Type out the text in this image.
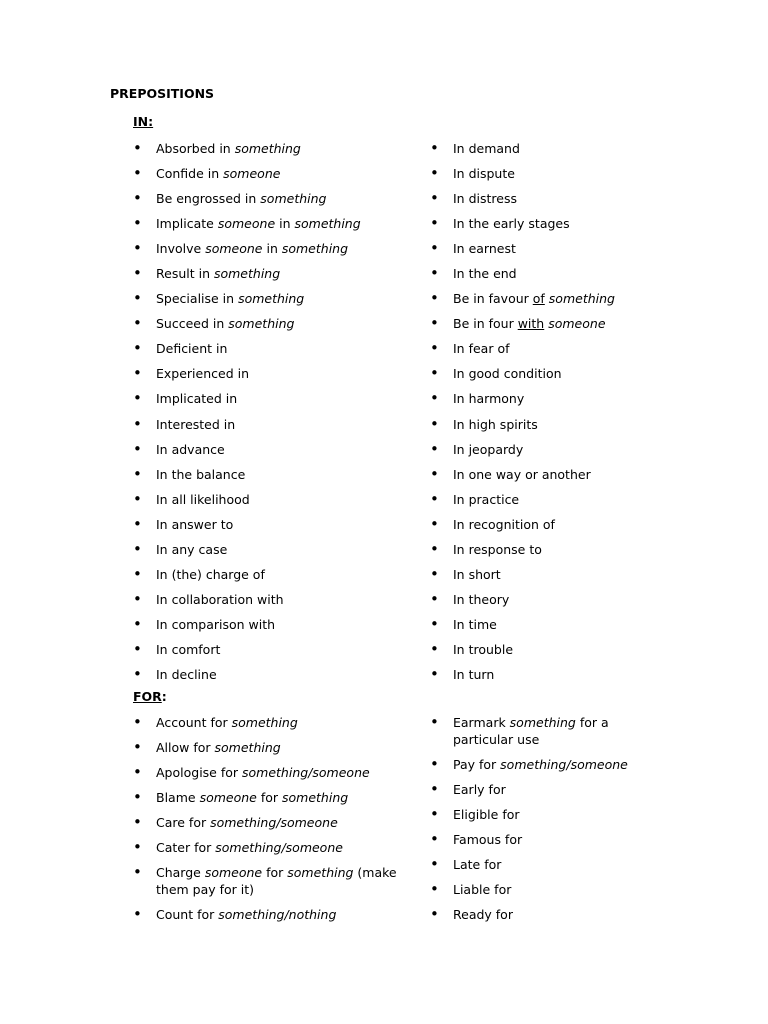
PREPOSITIONS
IN:
• Absorbed in something
• Confide in someone
• Be engrossed in something
• Implicate someone in something
• Involve someone in something
• Result in something
• Specialise in something
• Succeed in something
• Deficient in
• Experienced in
• Implicated in
• Interested in
• In advance
• In the balance
• In all likelihood
• In answer to
• In any case
• In (the) charge of
• In collaboration with
• In comparison with
• In comfort
• In decline
• In demand
• In dispute
• In distress
• In the early stages
• In earnest
• In the end
• Be in favour of something
• Be in four with someone
• In fear of
• In good condition
• In harmony
• In high spirits
• In jeopardy
• In one way or another
• In practice
• In recognition of
• In response to
• In short
• In theory
• In time
• In trouble
• In turn
FOR:
• Account for something
• Allow for something
• Apologise for something/someone
• Blame someone for something
• Care for something/someone
• Cater for something/someone
• Charge someone for something (make them pay for it)
• Count for something/nothing
• Earmark something for a particular use
• Pay for something/someone
• Early for
• Eligible for
• Famous for
• Late for
• Liable for
• Ready for
